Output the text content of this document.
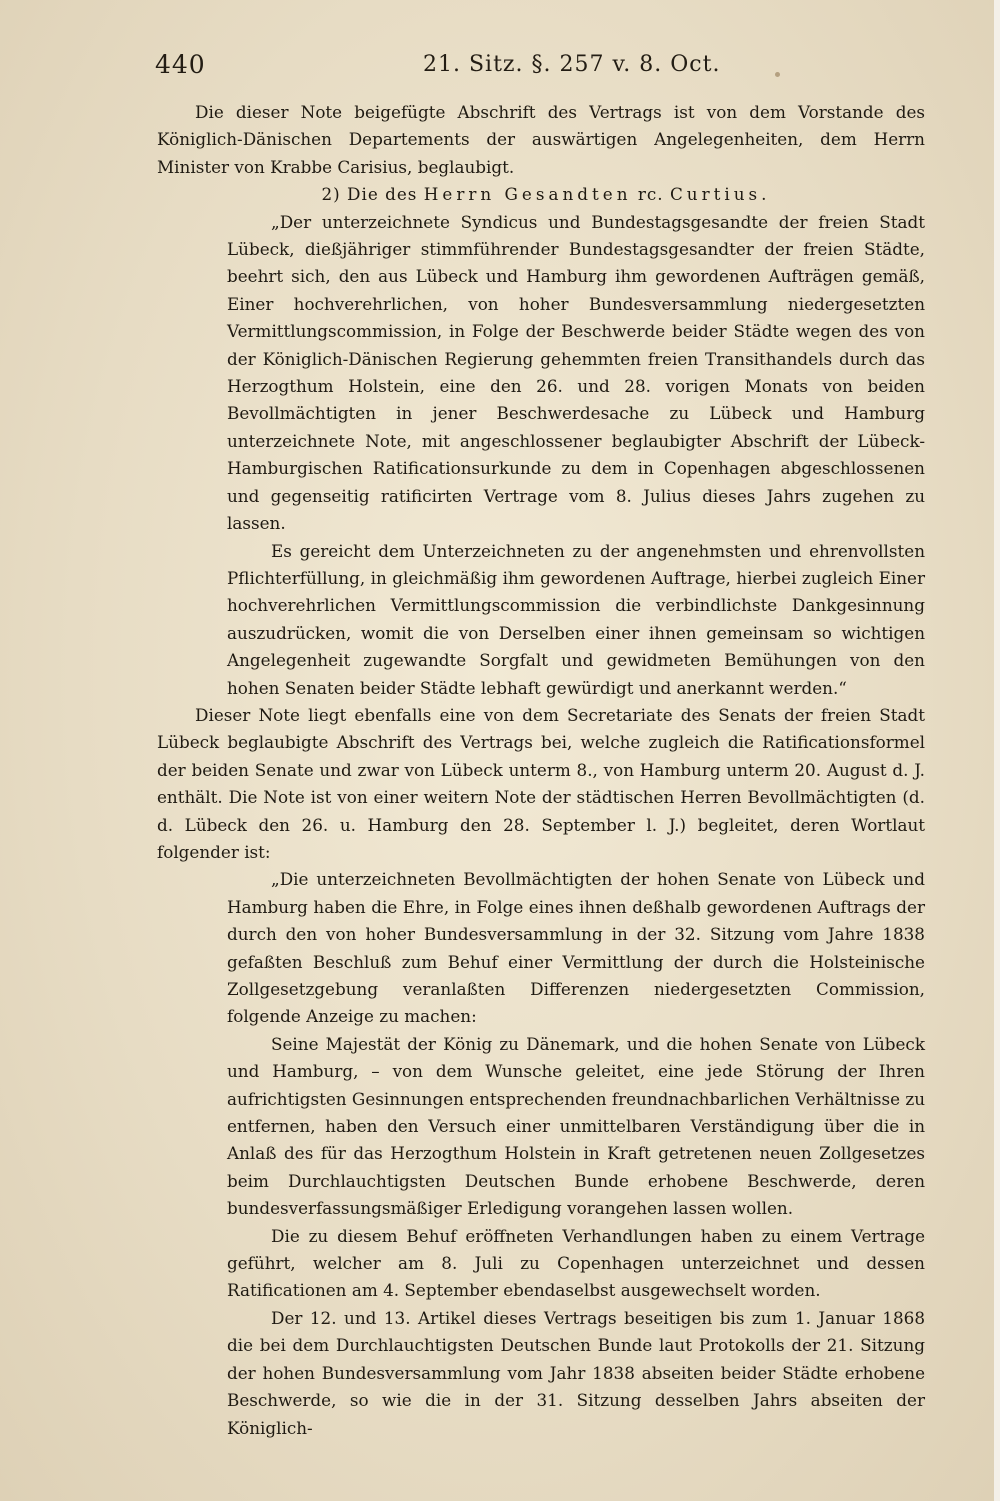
440	21. Sitz. §. 257 v. 8. Oct.

Die dieser Note beigefügte Abschrift des Vertrags ist von dem Vorstande des Königlich-Dänischen Departements der auswärtigen Angelegenheiten, dem Herrn Minister von Krabbe Carisius, beglaubigt.

2) Die des Herrn Gesandten rc. Curtius.

„Der unterzeichnete Syndicus und Bundestagsgesandte der freien Stadt Lübeck, dießjähriger stimmführender Bundestagsgesandter der freien Städte, beehrt sich, den aus Lübeck und Hamburg ihm gewordenen Aufträgen gemäß, Einer hochverehrlichen, von hoher Bundesversammlung niedergesetzten Vermittlungscommission, in Folge der Beschwerde beider Städte wegen des von der Königlich-Dänischen Regierung gehemmten freien Transithandels durch das Herzogthum Holstein, eine den 26. und 28. vorigen Monats von beiden Bevollmächtigten in jener Beschwerdesache zu Lübeck und Hamburg unterzeichnete Note, mit angeschlossener beglaubigter Abschrift der Lübeck-Hamburgischen Ratificationsurkunde zu dem in Copenhagen abgeschlossenen und gegenseitig ratificirten Vertrage vom 8. Julius dieses Jahrs zugehen zu lassen.

Es gereicht dem Unterzeichneten zu der angenehmsten und ehrenvollsten Pflichterfüllung, in gleichmäßig ihm gewordenen Auftrage, hierbei zugleich Einer hochverehrlichen Vermittlungscommission die verbindlichste Dankgesinnung auszudrücken, womit die von Derselben einer ihnen gemeinsam so wichtigen Angelegenheit zugewandte Sorgfalt und gewidmeten Bemühungen von den hohen Senaten beider Städte lebhaft gewürdigt und anerkannt werden.“

Dieser Note liegt ebenfalls eine von dem Secretariate des Senats der freien Stadt Lübeck beglaubigte Abschrift des Vertrags bei, welche zugleich die Ratificationsformel der beiden Senate und zwar von Lübeck unterm 8., von Hamburg unterm 20. August d. J. enthält. Die Note ist von einer weitern Note der städtischen Herren Bevollmächtigten (d. d. Lübeck den 26. u. Hamburg den 28. September l. J.) begleitet, deren Wortlaut folgender ist:

„Die unterzeichneten Bevollmächtigten der hohen Senate von Lübeck und Hamburg haben die Ehre, in Folge eines ihnen deßhalb gewordenen Auftrags der durch den von hoher Bundesversammlung in der 32. Sitzung vom Jahre 1838 gefaßten Beschluß zum Behuf einer Vermittlung der durch die Holsteinische Zollgesetzgebung veranlaßten Differenzen niedergesetzten Commission, folgende Anzeige zu machen:

Seine Majestät der König zu Dänemark, und die hohen Senate von Lübeck und Hamburg, – von dem Wunsche geleitet, eine jede Störung der Ihren aufrichtigsten Gesinnungen entsprechenden freundnachbarlichen Verhältnisse zu entfernen, haben den Versuch einer unmittelbaren Verständigung über die in Anlaß des für das Herzogthum Holstein in Kraft getretenen neuen Zollgesetzes beim Durchlauchtigsten Deutschen Bunde erhobene Beschwerde, deren bundesverfassungsmäßiger Erledigung vorangehen lassen wollen.

Die zu diesem Behuf eröffneten Verhandlungen haben zu einem Vertrage geführt, welcher am 8. Juli zu Copenhagen unterzeichnet und dessen Ratificationen am 4. September ebendaselbst ausgewechselt worden.

Der 12. und 13. Artikel dieses Vertrags beseitigen bis zum 1. Januar 1868 die bei dem Durchlauchtigsten Deutschen Bunde laut Protokolls der 21. Sitzung der hohen Bundesversammlung vom Jahr 1838 abseiten beider Städte erhobene Beschwerde, so wie die in der 31. Sitzung desselben Jahrs abseiten der Königlich-
